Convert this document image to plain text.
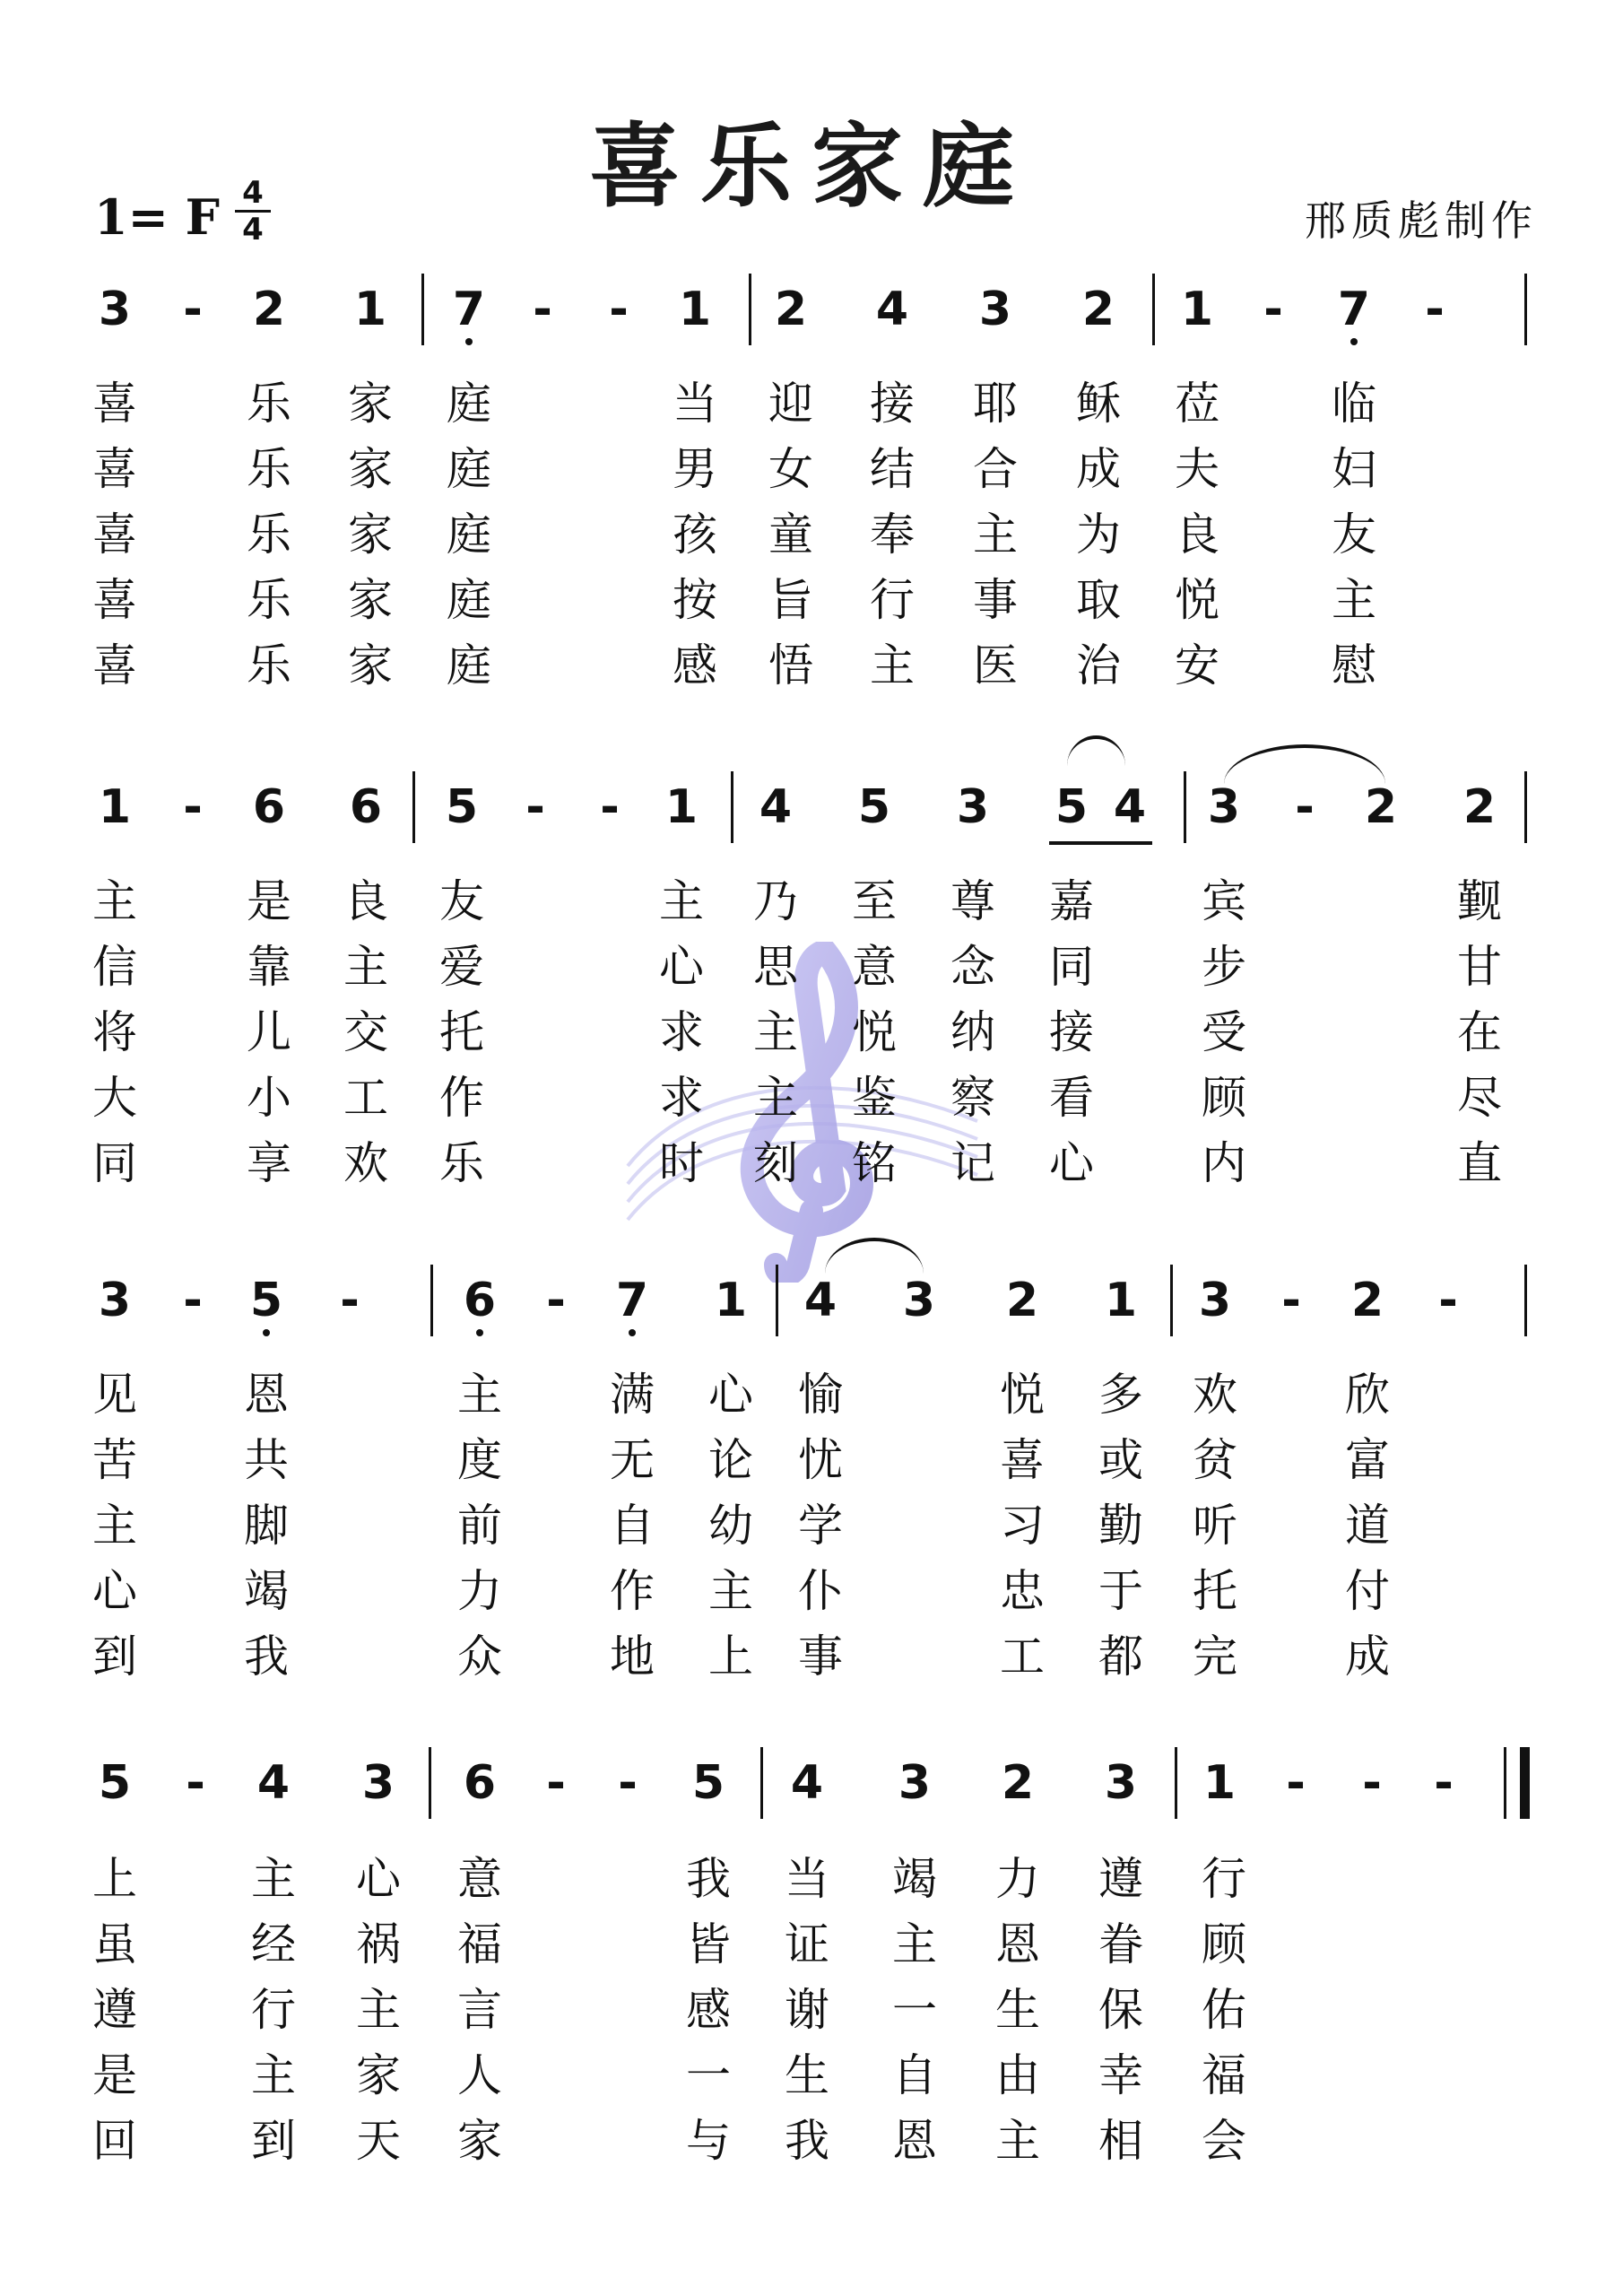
喜乐家庭
1= F 4
4	邢质彪制作
3	-	2 1 7	-	-	1 2 4 3 2 1	-	7	-
喜 乐 家 庭	当 迎 接 耶 稣 莅	临
喜 乐 家 庭	男 女 结 合 成 夫	妇
喜 乐 家 庭	孩 童 奉 主 为 良	友
喜 乐 家 庭	按 旨 行 事 取 悦	主
喜 乐 家 庭	感 悟 主 医 治 安	慰
1	-	6 6 5	-	- 1 4 5 3 5 4 3	-	2 2
主 是 良 友	主 乃 至 尊 嘉 宾	觐
信 靠 主 爱	心 思 意 念 同 步	甘
将 儿 交 托	求 主 悦 纳 接 受	在
大 小 工 作	求 主 鉴 察 看 顾	尽
同 享 欢 乐	时 刻 铭 记 心 内	直
3	-	5	-	6	-	7 1 4 3 2 1 3	-	2	-
见 恩	主 满 心 愉	悦 多 欢 欣
苦 共	度 无 论 忧	喜 或 贫 富
主 脚	前 自 幼 学	习 勤 听 道
心 竭	力 作 主 仆	忠 于 托 付
到 我	众 地 上 事	工 都 完 成
5	-	4 3 6	-	-	5 4 3 2 3 1	-	-	-
上	主 心 意	我 当 竭 力 遵 行
虽	经 祸 福	皆 证 主 恩 眷 顾
遵	行 主 言	感 谢 一 生 保 佑
是	主 家 人	一 生 自 由 幸 福
回	到 天 家	与 我 恩 主 相 会
